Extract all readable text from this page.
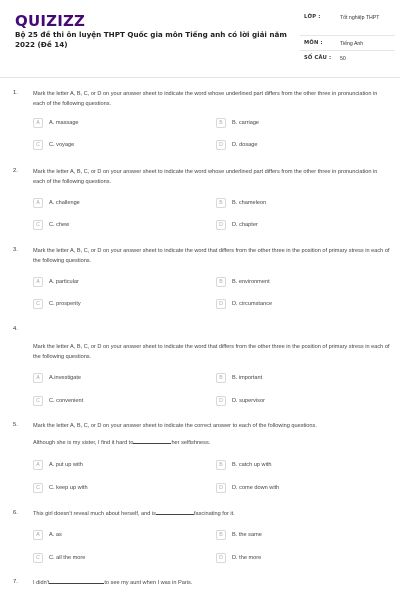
QUIZIZZ
Bộ 25 đề thi ôn luyện THPT Quốc gia môn Tiếng anh có lời giải năm 2022 (Đề 14)
LỚP :	Tốt nghiệp THPT
MÔN :	Tiếng Anh
SỐ CÂU : 50
1.	Mark the letter A, B, C, or D on your answer sheet to indicate the word whose underlined part differs from the other three in pronunciation in each of the following questions.
A	A. massage	B	B. carriage
C	C. voyage	D	D. dosage
2.	Mark the letter A, B, C, or D on your answer sheet to indicate the word whose underlined part differs from the other three in pronunciation in each of the following questions.
A	A. challenge	B	B. chameleon
C	C. chew	D	D. chapter
3.	Mark the letter A, B, C, or D on your answer sheet to indicate the word that differs from the other three in the position of primary stress in each of the following questions.
A	A. particular	B	B. environment
C	C. prosperity	D	D. circumstance
4.
Mark the letter A, B, C, or D on your answer sheet to indicate the word that differs from the other three in the position of primary stress in each of the following questions.
A	A.investigate	B	B. important
C	C. convenient	D	D. supervisor
5.	Mark the letter A, B, C, or D on your answer sheet to indicate the correct answer to each of the following questions.
Although she is my sister, I find it hard to	her selfishness.
A	A. put up with	B	B. catch up with
C	C. keep up with	D	D. come down with
6.	This girl doesn't reveal much about herself, and is	fascinating for it.
A	A. as	B	B. the same
C	C. all the more	D	D. the more
7.	I didn't	to see my aunt when I was in Paris.
